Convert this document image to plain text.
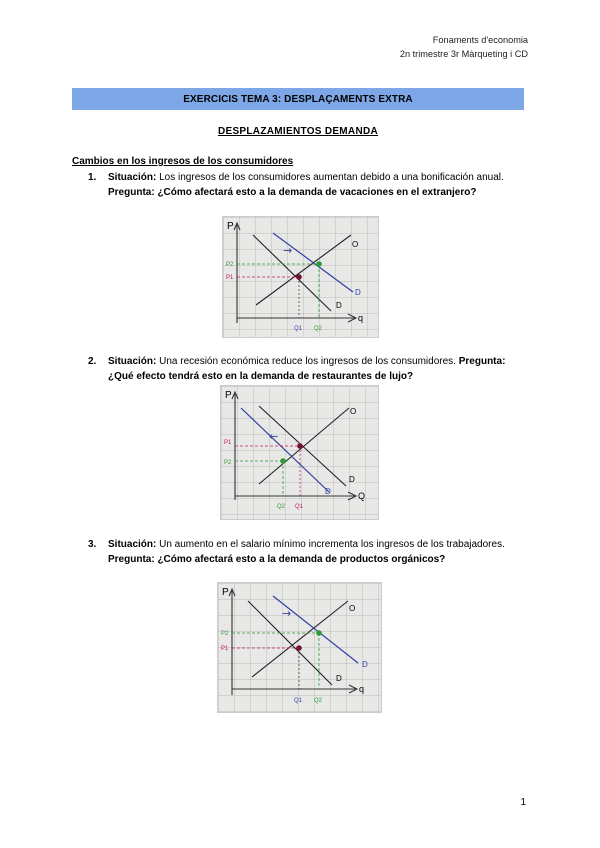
Fonaments d'economia
2n trimestre 3r Màrqueting i CD
EXERCICIS TEMA 3: DESPLAÇAMENTS EXTRA
DESPLAZAMIENTOS DEMANDA
Cambios en los ingresos de los consumidores
1. Situación: Los ingresos de los consumidores aumentan debido a una bonificación anual. Pregunta: ¿Cómo afectará esto a la demanda de vacaciones en el extranjero?
P
q
P2
P1
Q1 Q2
O
D
D
→
2. Situación: Una recesión económica reduce los ingresos de los consumidores. Pregunta: ¿Qué efecto tendrá esto en la demanda de restaurantes de lujo?
P
Q
P1
P2
Q2 Q1
O
D
D
←
3. Situación: Un aumento en el salario mínimo incrementa los ingresos de los trabajadores. Pregunta: ¿Cómo afectará esto a la demanda de productos orgánicos?
P
q
P2
P1
Q1 Q2
O
D
D
→
1
